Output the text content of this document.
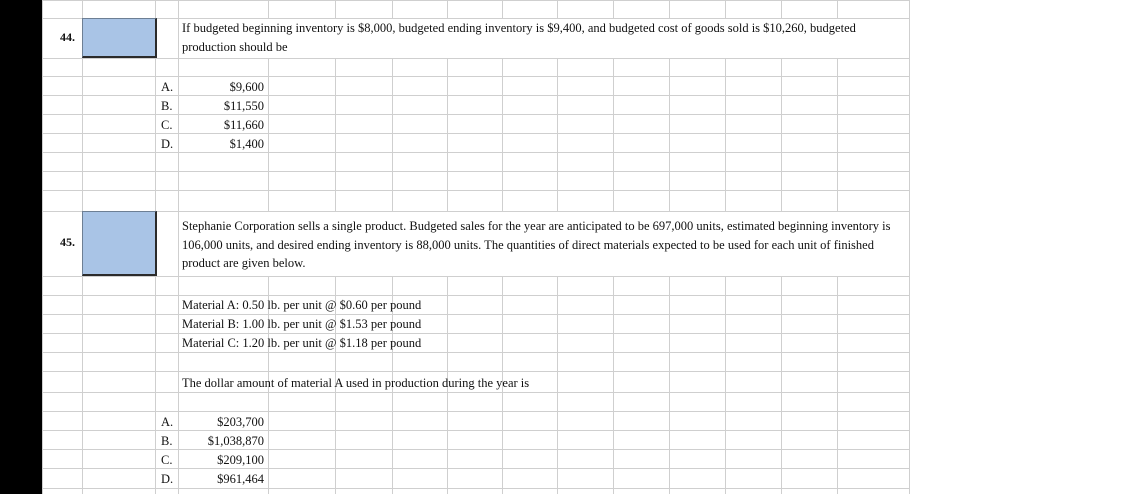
44.
If budgeted beginning inventory is $8,000, budgeted ending inventory is $9,400, and budgeted cost of goods sold is $10,260, budgeted production should be
A.	$9,600
B.	$11,550
C.	$11,660
D.	$1,400
45.
Stephanie Corporation sells a single product. Budgeted sales for the year are anticipated to be 697,000 units, estimated beginning inventory is 106,000 units, and desired ending inventory is 88,000 units. The quantities of direct materials expected to be used for each unit of finished product are given below.
Material A: 0.50 lb. per unit @ $0.60 per pound
Material B: 1.00 lb. per unit @ $1.53 per pound
Material C: 1.20 lb. per unit @ $1.18 per pound
The dollar amount of material A used in production during the year is
A.	$203,700
B.	$1,038,870
C.	$209,100
D.	$961,464
